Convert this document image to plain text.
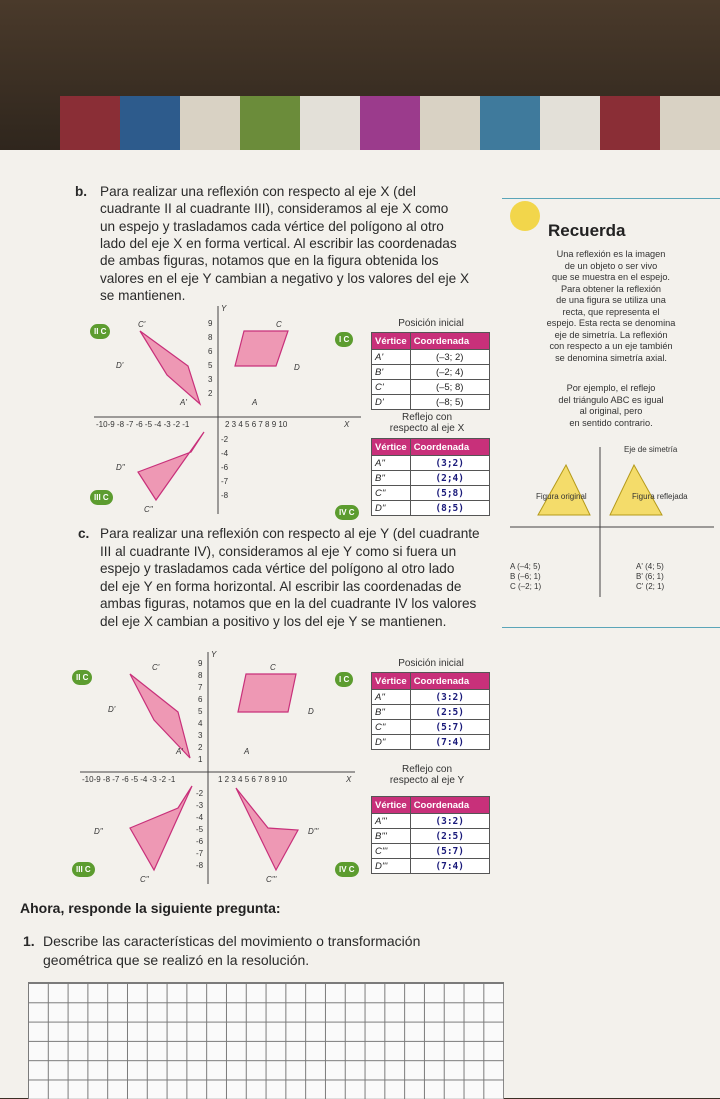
b. Para realizar una reflexión con respecto al eje X (del
cuadrante II al cuadrante III), consideramos al eje X como
un espejo y trasladamos cada vértice del polígono al otro
lado del eje X en forma vertical. Al escribir las coordenadas
de ambas figuras, notamos que en la figura obtenida los
valores en el eje Y cambian a negativo y los valores del eje X
se mantienen.
-10-9 -8 -7 -6 -5 -4 -3 -2 -1	2 3 4 5 6 7 8 9 10	X
Y
9
8
6
5
3
2
-2
-4
-6
-7
-8
C'	C
D'	D
A'	A
D''
C''
II C
I C
III C
IV C
Posición inicial
Vértice	Coordenada
A'	(–3; 2)
B'	(–2; 4)
C'	(–5; 8)
D'	(–8; 5)
Reflejo con
respecto al eje X
Vértice	Coordenada
A''	(3;2)
B''	(2;4)
C''	(5;8)
D''	(8;5)
Recuerda
Una reflexión es la imagen
de un objeto o ser vivo
que se muestra en el espejo.
Para obtener la reflexión
de una figura se utiliza una
recta, que representa el
espejo. Esta recta se denomina
eje de simetría. La reflexión
con respecto a un eje también
se denomina simetría axial.
Por ejemplo, el reflejo
del triángulo ABC es igual
al original, pero
en sentido contrario.
Eje de simetría
Figura original	Figura reflejada
A (–4; 5)
B (–6; 1)
C (–2; 1)
A' (4; 5)
B' (6; 1)
C' (2; 1)
c. Para realizar una reflexión con respecto al eje Y (del cuadrante
III al cuadrante IV), consideramos al eje Y como si fuera un
espejo y trasladamos cada vértice del polígono al otro lado
del eje Y en forma horizontal. Al escribir las coordenadas de
ambas figuras, notamos que en la del cuadrante IV los valores
del eje X cambian a positivo y los del eje Y se mantienen.
-10-9 -8 -7 -6 -5 -4 -3 -2 -1	1 2 3 4 5 6 7 8 9 10	X
Y
9
8
7
6
5
4
3
2
1
-2
-3
-4
-5
-6
-7
-8
C'	C
D'	D
A'	A
D''	D'''
C''	C'''
II C	I C
III C	IV C
Posición inicial
Vértice	Coordenada
A''	(3:2)
B''	(2:5)
C''	(5:7)
D''	(7:4)
Reflejo con
respecto al eje Y
Vértice	Coordenada
A'''	(3:2)
B'''	(2:5)
C'''	(5:7)
D'''	(7:4)
Ahora, responde la siguiente pregunta:
1. Describe las características del movimiento o transformación
geométrica que se realizó en la resolución.
